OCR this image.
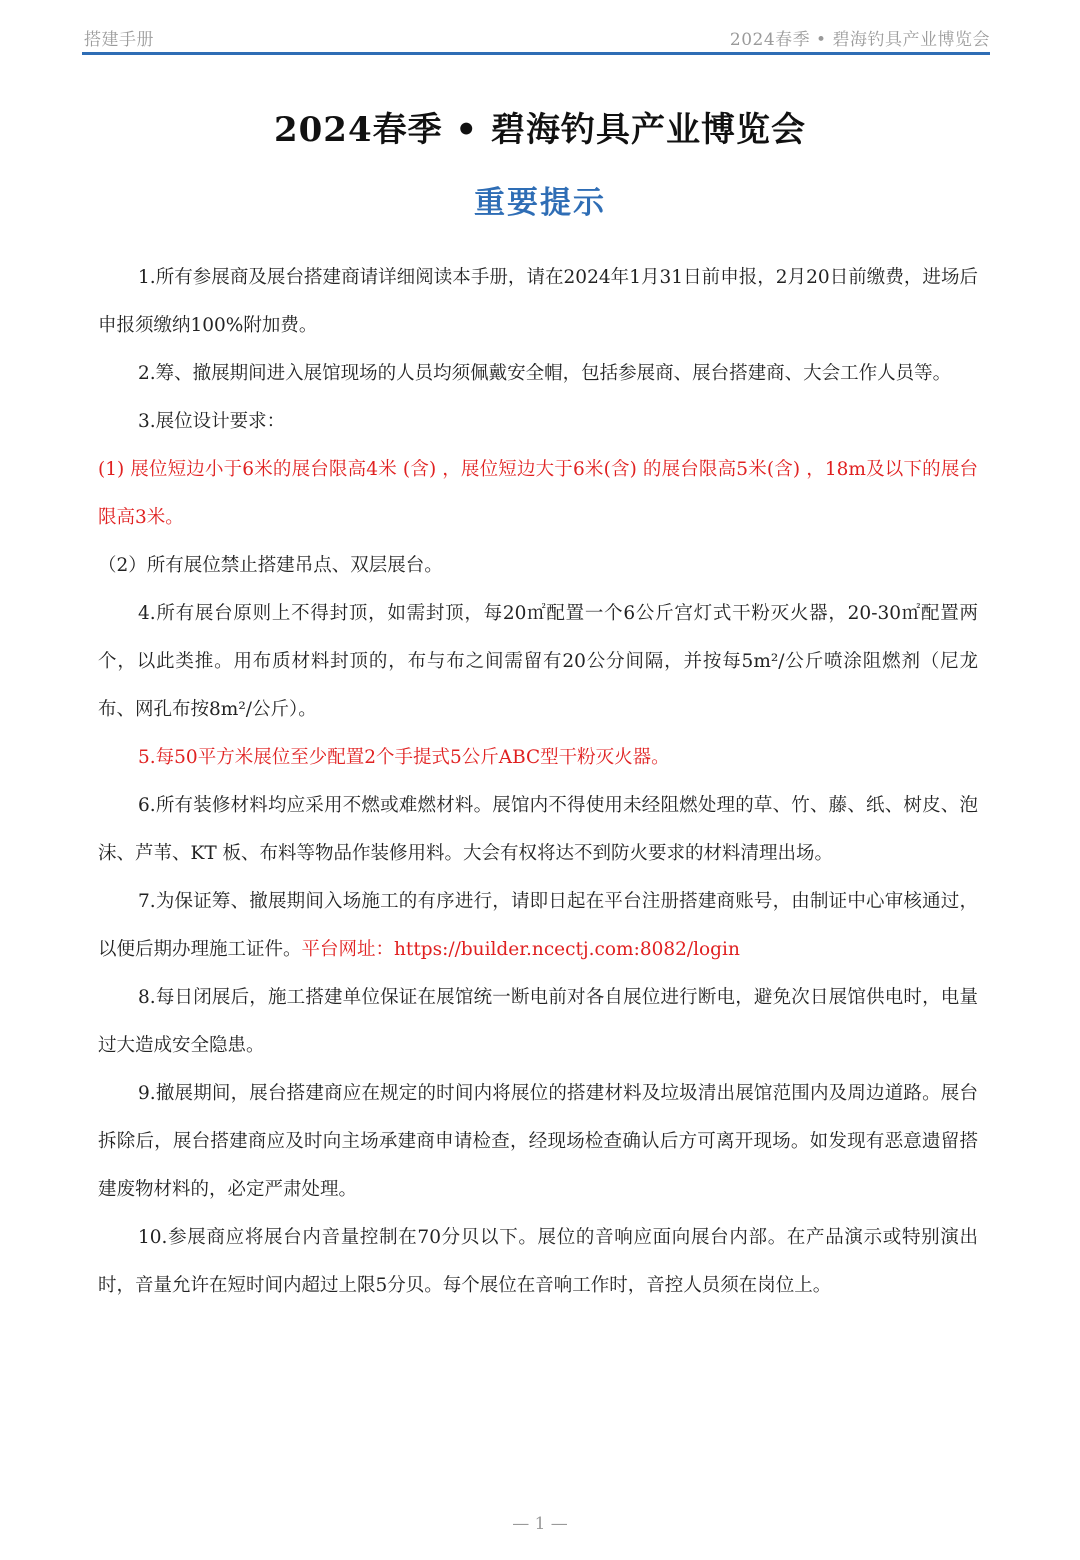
搭建手册	2024春季 • 碧海钓具产业博览会
2024春季 • 碧海钓具产业博览会
重要提示

1.所有参展商及展台搭建商请详细阅读本手册，请在2024年1月31日前申报，2月20日前缴费，进场后申报须缴纳100%附加费。

2.筹、撤展期间进入展馆现场的人员均须佩戴安全帽，包括参展商、展台搭建商、大会工作人员等。

3.展位设计要求：

(1) 展位短边小于6米的展台限高4米 (含) ，展位短边大于6米(含) 的展台限高5米(含) ，18m及以下的展台限高3米。

（2）所有展位禁止搭建吊点、双层展台。

4.所有展台原则上不得封顶，如需封顶，每20㎡配置一个6公斤宫灯式干粉灭火器，20-30㎡配置两个，以此类推。用布质材料封顶的，布与布之间需留有20公分间隔，并按每5m²/公斤喷涂阻燃剂（尼龙布、网孔布按8m²/公斤）。

5.每50平方米展位至少配置2个手提式5公斤ABC型干粉灭火器。

6.所有装修材料均应采用不燃或难燃材料。展馆内不得使用未经阻燃处理的草、竹、藤、纸、树皮、泡沫、芦苇、KT 板、布料等物品作装修用料。大会有权将达不到防火要求的材料清理出场。

7.为保证筹、撤展期间入场施工的有序进行，请即日起在平台注册搭建商账号，由制证中心审核通过，以便后期办理施工证件。平台网址：https://builder.ncectj.com:8082/login

8.每日闭展后，施工搭建单位保证在展馆统一断电前对各自展位进行断电，避免次日展馆供电时，电量过大造成安全隐患。

9.撤展期间，展台搭建商应在规定的时间内将展位的搭建材料及垃圾清出展馆范围内及周边道路。展台拆除后，展台搭建商应及时向主场承建商申请检查，经现场检查确认后方可离开现场。如发现有恶意遗留搭建废物材料的，必定严肃处理。

10.参展商应将展台内音量控制在70分贝以下。展位的音响应面向展台内部。在产品演示或特别演出时，音量允许在短时间内超过上限5分贝。每个展位在音响工作时，音控人员须在岗位上。

— 1 —
